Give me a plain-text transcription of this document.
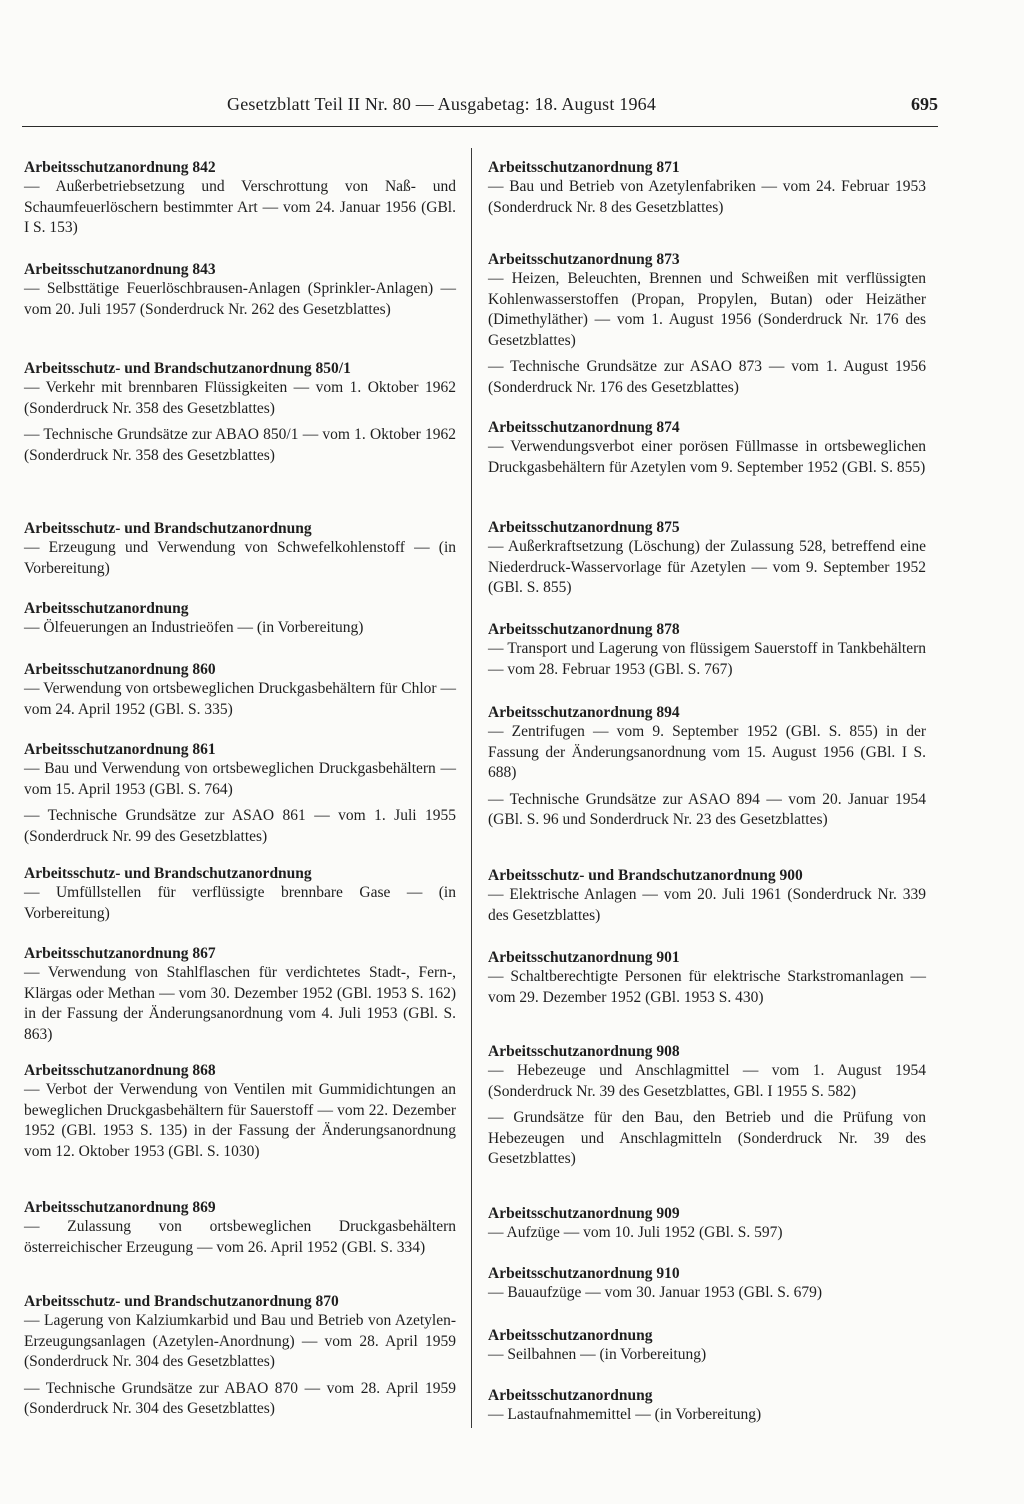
Gesetzblatt Teil II Nr. 80 — Ausgabetag: 18. August 1964	695
Arbeitsschutzanordnung 842

— Außerbetriebsetzung und Verschrottung von Naß- und Schaumfeuerlöschern bestimmter Art — vom 24. Januar 1956 (GBl. I S. 153)

Arbeitsschutzanordnung 843

— Selbsttätige Feuerlöschbrausen-Anlagen (Sprinkler-Anlagen) — vom 20. Juli 1957 (Sonderdruck Nr. 262 des Gesetzblattes)

Arbeitsschutz- und Brandschutzanordnung 850/1

— Verkehr mit brennbaren Flüssigkeiten — vom 1. Oktober 1962 (Sonderdruck Nr. 358 des Gesetzblattes)

— Technische Grundsätze zur ABAO 850/1 — vom 1. Oktober 1962 (Sonderdruck Nr. 358 des Gesetzblattes)

Arbeitsschutz- und Brandschutzanordnung

— Erzeugung und Verwendung von Schwefelkohlenstoff — (in Vorbereitung)

Arbeitsschutzanordnung

— Ölfeuerungen an Industrieöfen — (in Vorbereitung)

Arbeitsschutzanordnung 860

— Verwendung von ortsbeweglichen Druckgasbehältern für Chlor — vom 24. April 1952 (GBl. S. 335)

Arbeitsschutzanordnung 861

— Bau und Verwendung von ortsbeweglichen Druckgasbehältern — vom 15. April 1953 (GBl. S. 764)

— Technische Grundsätze zur ASAO 861 — vom 1. Juli 1955 (Sonderdruck Nr. 99 des Gesetzblattes)

Arbeitsschutz- und Brandschutzanordnung

— Umfüllstellen für verflüssigte brennbare Gase — (in Vorbereitung)

Arbeitsschutzanordnung 867

— Verwendung von Stahlflaschen für verdichtetes Stadt-, Fern-, Klärgas oder Methan — vom 30. Dezember 1952 (GBl. 1953 S. 162) in der Fassung der Änderungsanordnung vom 4. Juli 1953 (GBl. S. 863)

Arbeitsschutzanordnung 868

— Verbot der Verwendung von Ventilen mit Gummidichtungen an beweglichen Druckgasbehältern für Sauerstoff — vom 22. Dezember 1952 (GBl. 1953 S. 135) in der Fassung der Änderungsanordnung vom 12. Oktober 1953 (GBl. S. 1030)

Arbeitsschutzanordnung 869

— Zulassung von ortsbeweglichen Druckgasbehältern österreichischer Erzeugung — vom 26. April 1952 (GBl. S. 334)

Arbeitsschutz- und Brandschutzanordnung 870

— Lagerung von Kalziumkarbid und Bau und Betrieb von Azetylen-Erzeugungsanlagen (Azetylen-Anordnung) — vom 28. April 1959 (Sonderdruck Nr. 304 des Gesetzblattes)

— Technische Grundsätze zur ABAO 870 — vom 28. April 1959 (Sonderdruck Nr. 304 des Gesetzblattes)

Arbeitsschutzanordnung 871

— Bau und Betrieb von Azetylenfabriken — vom 24. Februar 1953 (Sonderdruck Nr. 8 des Gesetzblattes)

Arbeitsschutzanordnung 873

— Heizen, Beleuchten, Brennen und Schweißen mit verflüssigten Kohlenwasserstoffen (Propan, Propylen, Butan) oder Heizäther (Dimethyläther) — vom 1. August 1956 (Sonderdruck Nr. 176 des Gesetzblattes)

— Technische Grundsätze zur ASAO 873 — vom 1. August 1956 (Sonderdruck Nr. 176 des Gesetzblattes)

Arbeitsschutzanordnung 874

— Verwendungsverbot einer porösen Füllmasse in ortsbeweglichen Druckgasbehältern für Azetylen vom 9. September 1952 (GBl. S. 855)

Arbeitsschutzanordnung 875

— Außerkraftsetzung (Löschung) der Zulassung 528, betreffend eine Niederdruck-Wasservorlage für Azetylen — vom 9. September 1952 (GBl. S. 855)

Arbeitsschutzanordnung 878

— Transport und Lagerung von flüssigem Sauerstoff in Tankbehältern — vom 28. Februar 1953 (GBl. S. 767)

Arbeitsschutzanordnung 894

— Zentrifugen — vom 9. September 1952 (GBl. S. 855) in der Fassung der Änderungsanordnung vom 15. August 1956 (GBl. I S. 688)

— Technische Grundsätze zur ASAO 894 — vom 20. Januar 1954 (GBl. S. 96 und Sonderdruck Nr. 23 des Gesetzblattes)

Arbeitsschutz- und Brandschutzanordnung 900

— Elektrische Anlagen — vom 20. Juli 1961 (Sonderdruck Nr. 339 des Gesetzblattes)

Arbeitsschutzanordnung 901

— Schaltberechtigte Personen für elektrische Starkstromanlagen — vom 29. Dezember 1952 (GBl. 1953 S. 430)

Arbeitsschutzanordnung 908

— Hebezeuge und Anschlagmittel — vom 1. August 1954 (Sonderdruck Nr. 39 des Gesetzblattes, GBl. I 1955 S. 582)

— Grundsätze für den Bau, den Betrieb und die Prüfung von Hebezeugen und Anschlagmitteln (Sonderdruck Nr. 39 des Gesetzblattes)

Arbeitsschutzanordnung 909

— Aufzüge — vom 10. Juli 1952 (GBl. S. 597)

Arbeitsschutzanordnung 910

— Bauaufzüge — vom 30. Januar 1953 (GBl. S. 679)

Arbeitsschutzanordnung

— Seilbahnen — (in Vorbereitung)

Arbeitsschutzanordnung

— Lastaufnahmemittel — (in Vorbereitung)
